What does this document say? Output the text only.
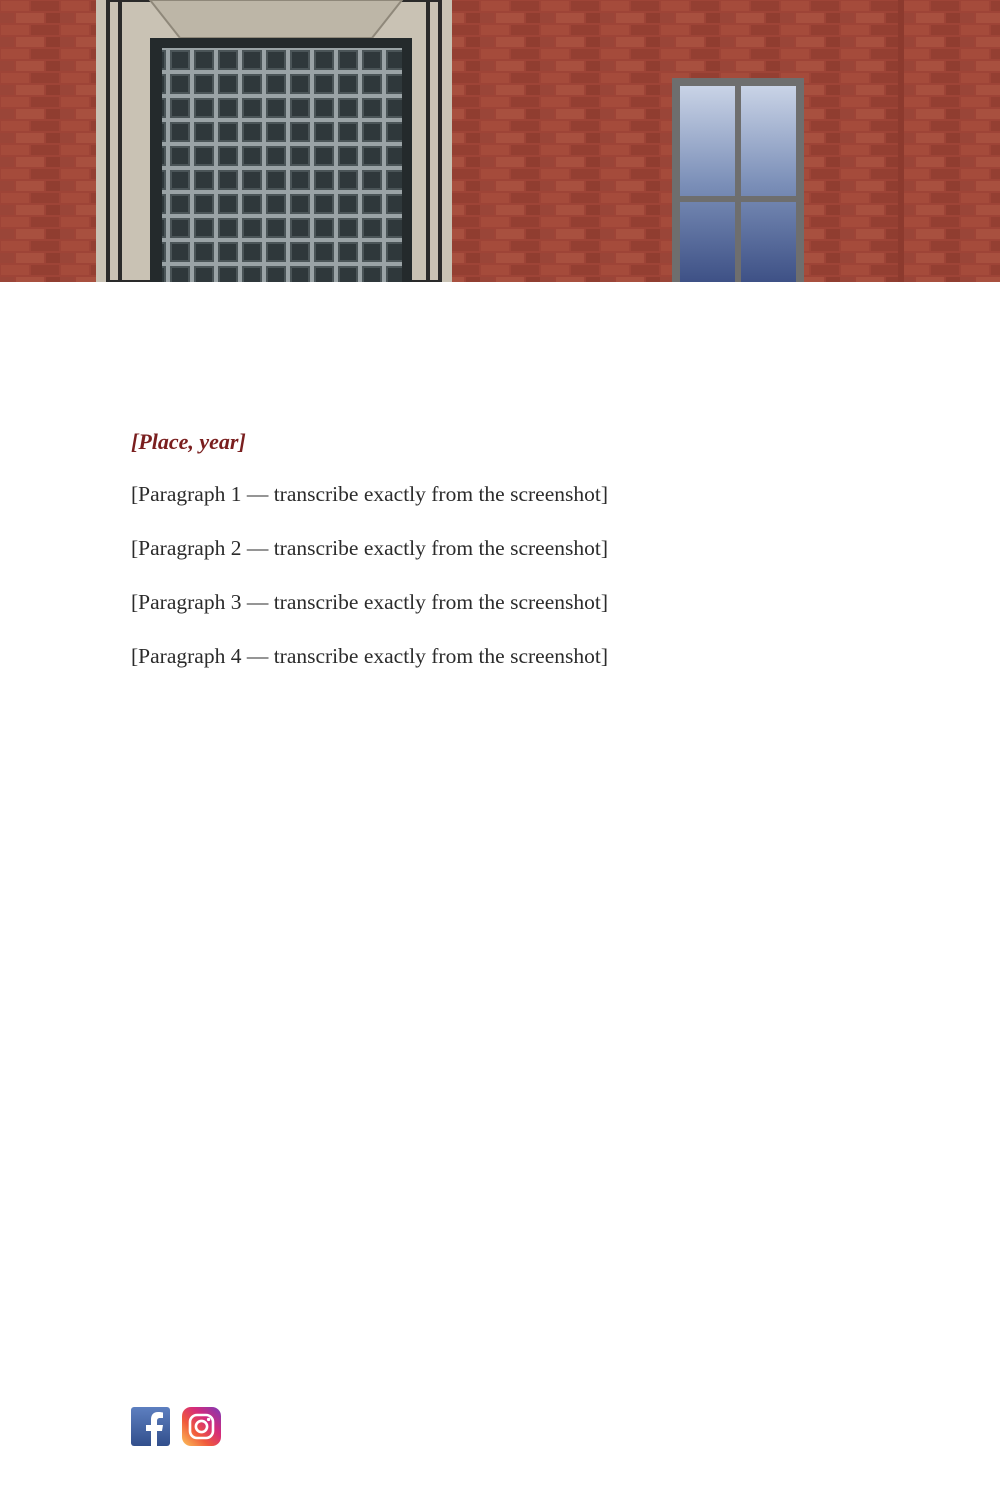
[Place, year]

[Paragraph 1 — transcribe exactly from the screenshot]

[Paragraph 2 — transcribe exactly from the screenshot]

[Paragraph 3 — transcribe exactly from the screenshot]

[Paragraph 4 — transcribe exactly from the screenshot]
